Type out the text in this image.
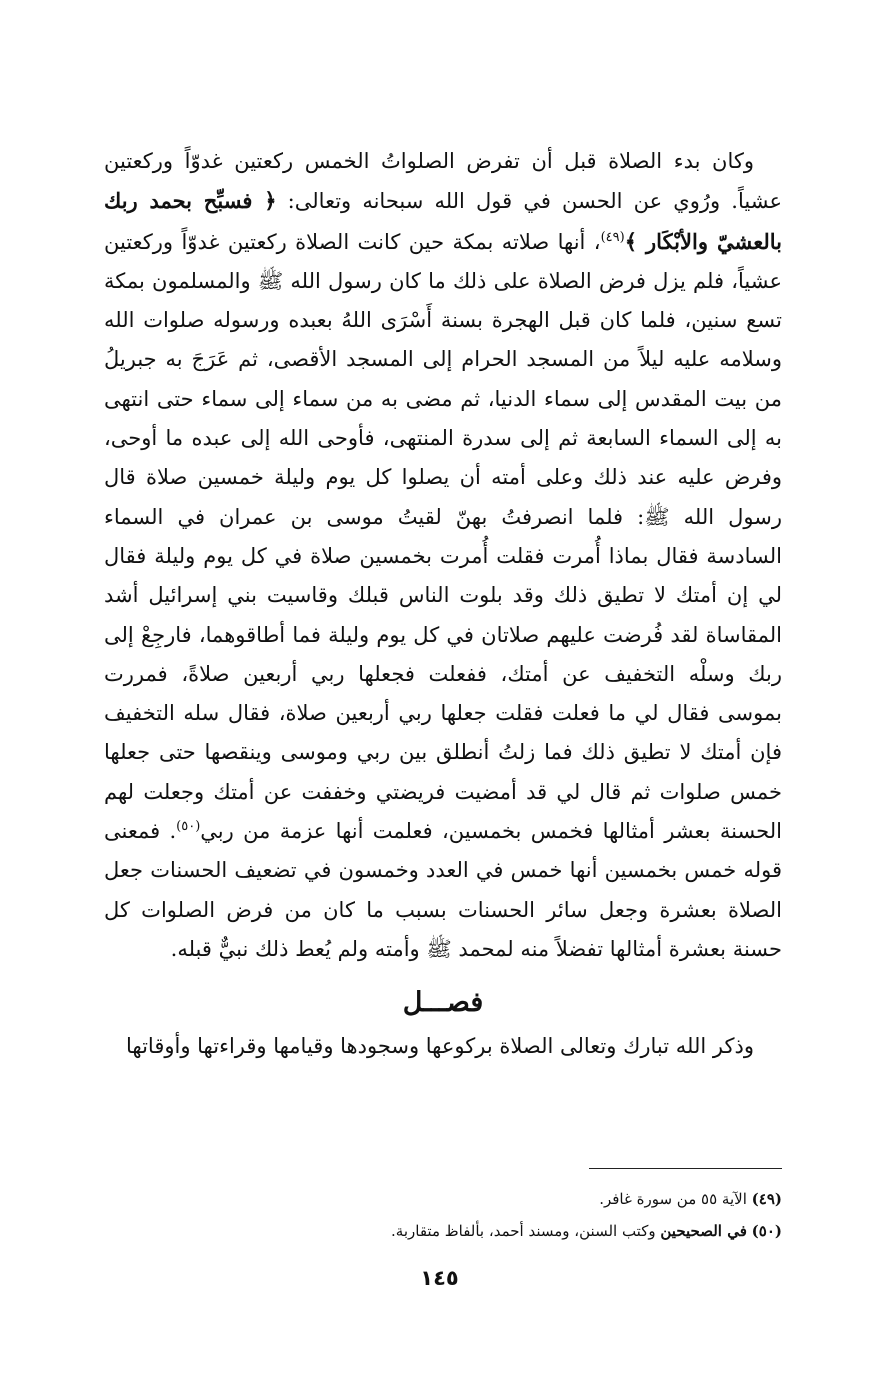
وكان بدء الصلاة قبل أن تفرض الصلواتُ الخمس ركعتين غدوّاً وركعتين عشياً. ورُوي عن الحسن في قول الله سبحانه وتعالى: ﴿ فسبِّح بحمد ربك بالعشيّ والأبْكَار ﴾$^{(٤٩)}$، أنها صلاته بمكة حين كانت الصلاة ركعتين غدوّاً وركعتين عشياً، فلم يزل فرض الصلاة على ذلك ما كان رسول الله ﷺ والمسلمون بمكة تسع سنين، فلما كان قبل الهجرة بسنة أَسْرَى اللهُ بعبده ورسوله صلوات الله وسلامه عليه ليلاً من المسجد الحرام إلى المسجد الأقصى، ثم عَرَجَ به جبريلُ من بيت المقدس إلى سماء الدنيا، ثم مضى به من سماء إلى سماء حتى انتهى به إلى السماء السابعة ثم إلى سدرة المنتهى، فأوحى الله إلى عبده ما أوحى، وفرض عليه عند ذلك وعلى أمته أن يصلوا كل يوم وليلة خمسين صلاة قال رسول الله ﷺ: فلما انصرفتُ بهنّ لقيتُ موسى بن عمران في السماء السادسة فقال بماذا أُمرت فقلت أُمرت بخمسين صلاة في كل يوم وليلة فقال لي إن أمتك لا تطيق ذلك وقد بلوت الناس قبلك وقاسيت بني إسرائيل أشد المقاساة لقد فُرضت عليهم صلاتان في كل يوم وليلة فما أطاقوهما، فارجِعْ إلى ربك وسلْه التخفيف عن أمتك، ففعلت فجعلها ربي أربعين صلاةً، فمررت بموسى فقال لي ما فعلت فقلت جعلها ربي أربعين صلاة، فقال سله التخفيف فإن أمتك لا تطيق ذلك فما زلتُ أنطلق بين ربي وموسى وينقصها حتى جعلها خمس صلوات ثم قال لي قد أمضيت فريضتي وخففت عن أمتك وجعلت لهم الحسنة بعشر أمثالها فخمس بخمسين، فعلمت أنها عزمة من ربي$^{(٥٠)}$. فمعنى قوله خمس بخمسين أنها خمس في العدد وخمسون في تضعيف الحسنات جعل الصلاة بعشرة وجعل سائر الحسنات بسبب ما كان من فرض الصلوات كل حسنة بعشرة أمثالها تفضلاً منه لمحمد ﷺ وأمته ولم يُعط ذلك نبيٌّ قبله.

فصـــل

وذكر الله تبارك وتعالى الصلاة بركوعها وسجودها وقيامها وقراءتها وأوقاتها

(٤٩) الآية ٥٥ من سورة غافر.
(٥٠) في الصحيحين وكتب السنن، ومسند أحمد، بألفاظ متقاربة.
١٤٥
